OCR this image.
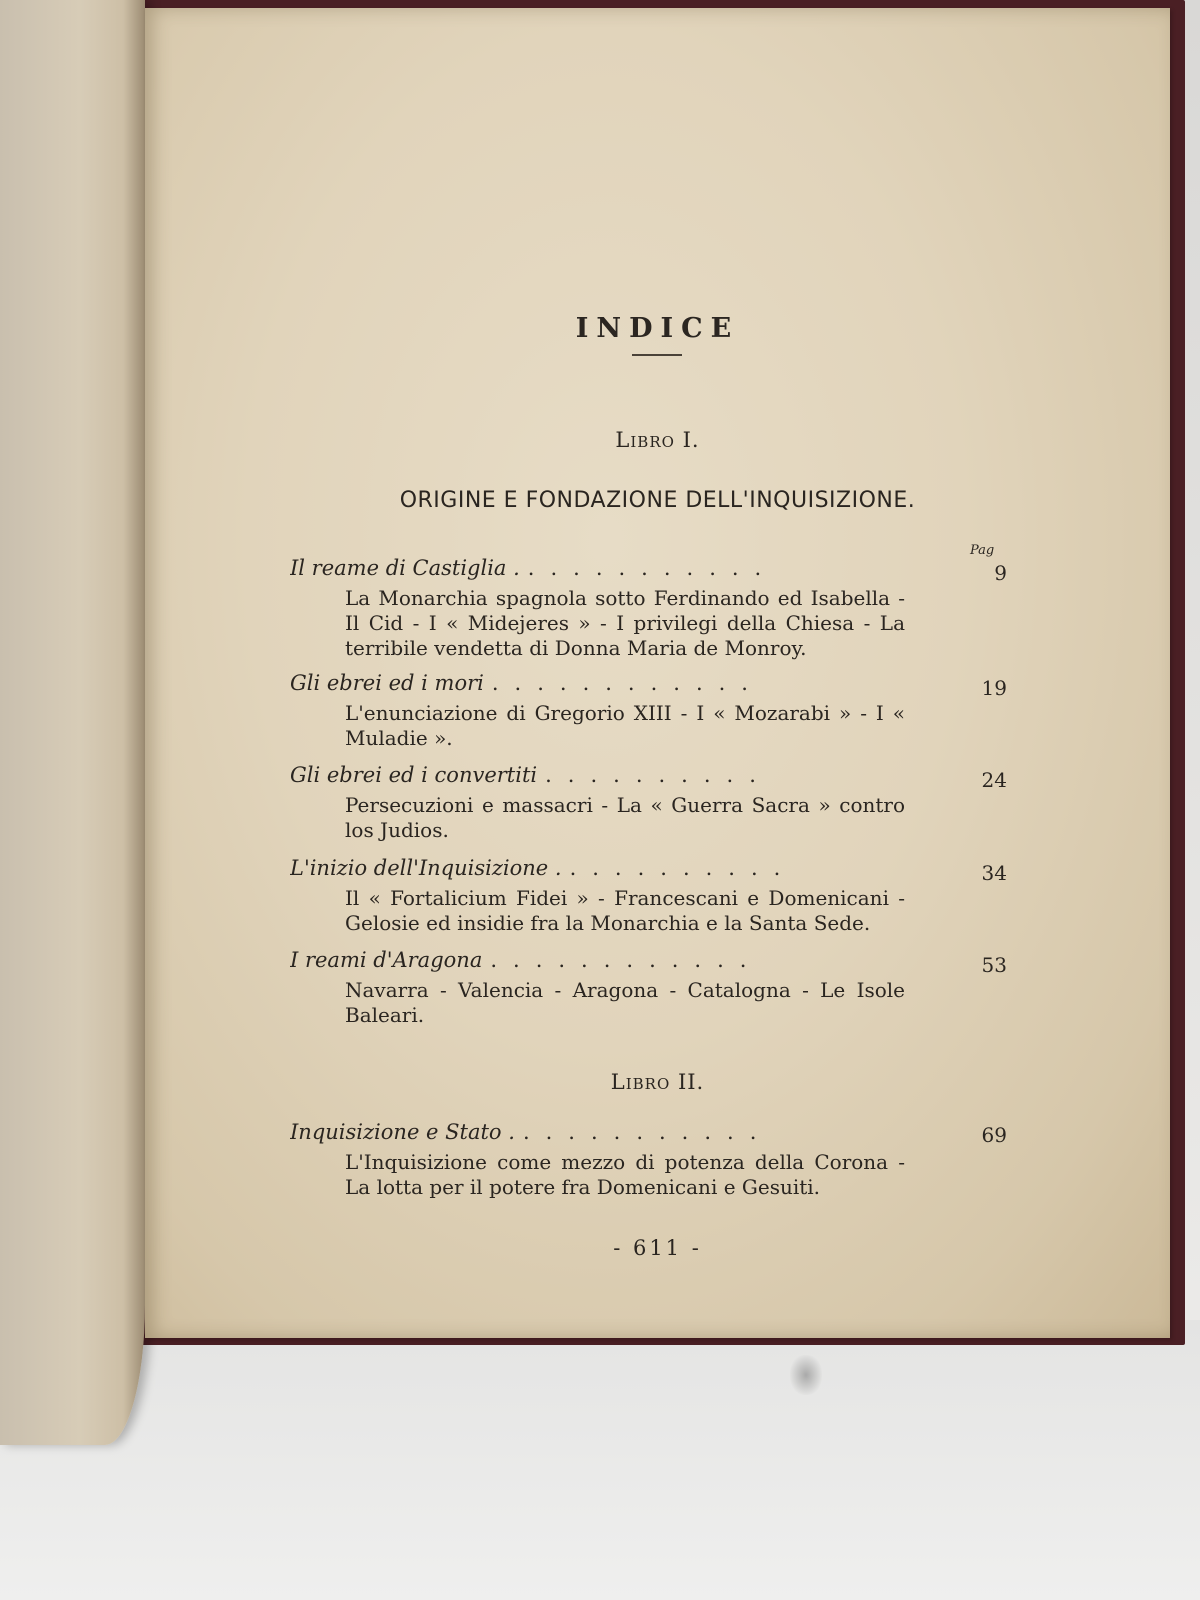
INDICE
Libro I.
ORIGINE E FONDAZIONE DELL'INQUISIZIONE.
Pag
Il reame di Castiglia . ...........	9
La Monarchia spagnola sotto Ferdinando ed Isabella - Il Cid - I « Midejeres » - I privilegi della Chiesa - La terribile vendetta di Donna Maria de Monroy.
Gli ebrei ed i mori ............	19
L'enunciazione di Gregorio XIII - I « Mozarabi » - I « Muladie ».
Gli ebrei ed i convertiti ..........	24
Persecuzioni e massacri - La « Guerra Sacra » contro los Judios.
L'inizio dell'Inquisizione . ..........	34
Il « Fortalicium Fidei » - Francescani e Domenicani - Gelosie ed insidie fra la Monarchia e la Santa Sede.
I reami d'Aragona ............	53
Navarra - Valencia - Aragona - Catalogna - Le Isole Baleari.
Libro II.
Inquisizione e Stato . ...........	69
L'Inquisizione come mezzo di potenza della Corona - La lotta per il potere fra Domenicani e Gesuiti.
- 611 -
